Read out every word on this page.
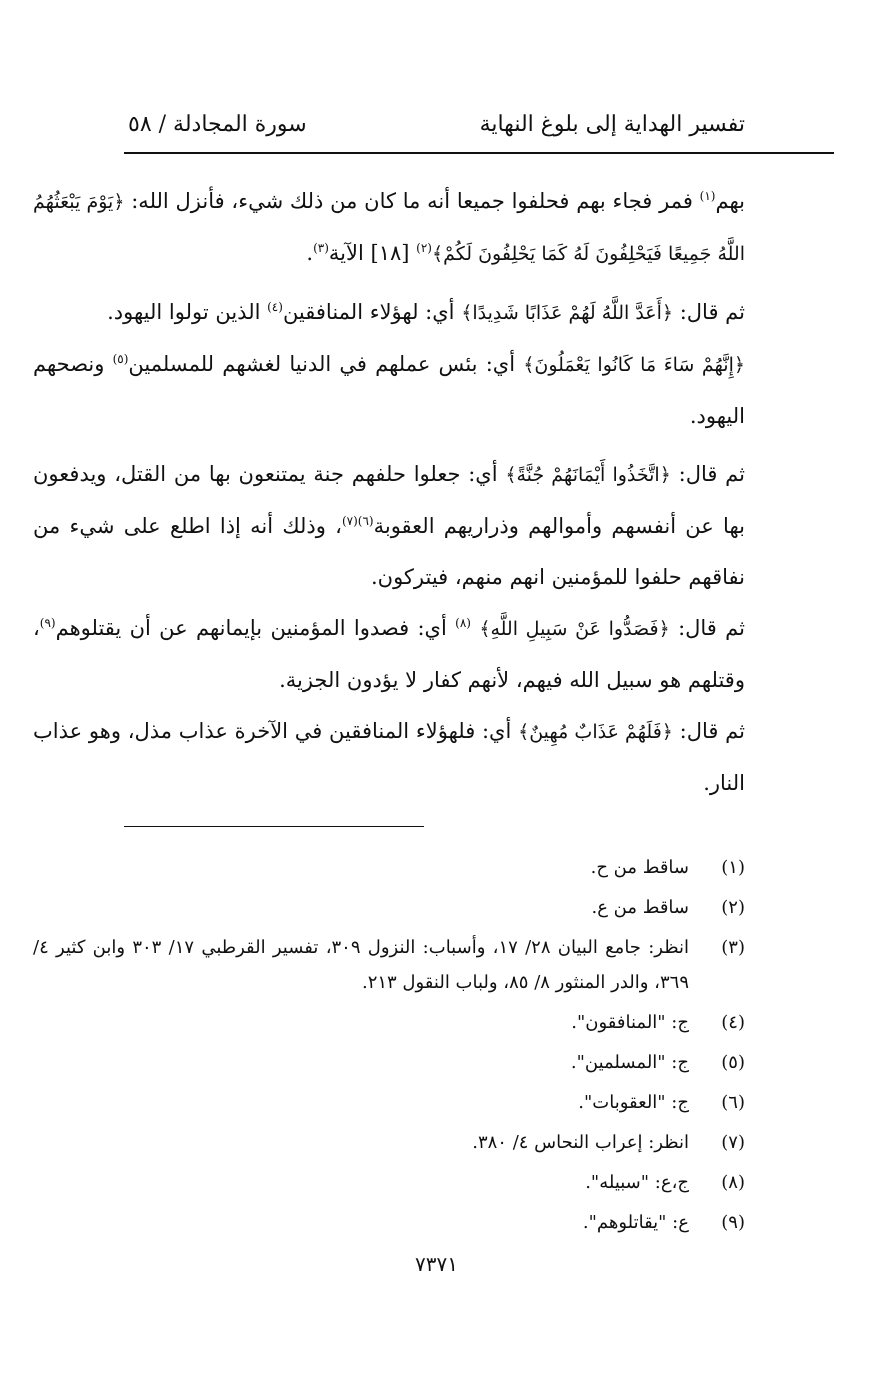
تفسير الهداية إلى بلوغ النهاية
سورة المجادلة / ٥٨

بهم$^{(١)}$ فمر فجاء بهم فحلفوا جميعا أنه ما كان من ذلك شيء، فأنزل الله: ﴿يَوْمَ يَبْعَثُهُمُ اللَّهُ جَمِيعًا فَيَحْلِفُونَ لَهُ كَمَا يَحْلِفُونَ لَكُمْ﴾$^{(٢)}$ [١٨] الآية$^{(٣)}$.

ثم قال: ﴿أَعَدَّ اللَّهُ لَهُمْ عَذَابًا شَدِيدًا﴾ أي: لهؤلاء المنافقين$^{(٤)}$ الذين تولوا اليهود.

﴿إِنَّهُمْ سَاءَ مَا كَانُوا يَعْمَلُونَ﴾ أي: بئس عملهم في الدنيا لغشهم للمسلمين$^{(٥)}$ ونصحهم اليهود.

ثم قال: ﴿اتَّخَذُوا أَيْمَانَهُمْ جُنَّةً﴾ أي: جعلوا حلفهم جنة يمتنعون بها من القتل، ويدفعون بها عن أنفسهم وأموالهم وذراريهم العقوبة$^{(٦)(٧)}$، وذلك أنه إذا اطلع على شيء من نفاقهم حلفوا للمؤمنين انهم منهم، فيتركون.

ثم قال: ﴿فَصَدُّوا عَنْ سَبِيلِ اللَّهِ﴾ $^{(٨)}$ أي: فصدوا المؤمنين بإيمانهم عن أن يقتلوهم$^{(٩)}$، وقتلهم هو سبيل الله فيهم، لأنهم كفار لا يؤدون الجزية.

ثم قال: ﴿فَلَهُمْ عَذَابٌ مُهِينٌ﴾ أي: فلهؤلاء المنافقين في الآخرة عذاب مذل، وهو عذاب النار.

(١)
ساقط من ح.
(٢)
ساقط من ع.
(٣)
انظر: جامع البيان ٢٨/ ١٧، وأسباب: النزول ٣٠٩، تفسير القرطبي ١٧/ ٣٠٣ وابن كثير ٤/ ٣٦٩، والدر المنثور ٨/ ٨٥، ولباب النقول ٢١٣.
(٤)
ج: "المنافقون".
(٥)
ج: "المسلمين".
(٦)
ج: "العقوبات".
(٧)
انظر: إعراب النحاس ٤/ ٣٨٠.
(٨)
ج،ع: "سبيله".
(٩)
ع: "يقاتلوهم".
٧٣٧١
